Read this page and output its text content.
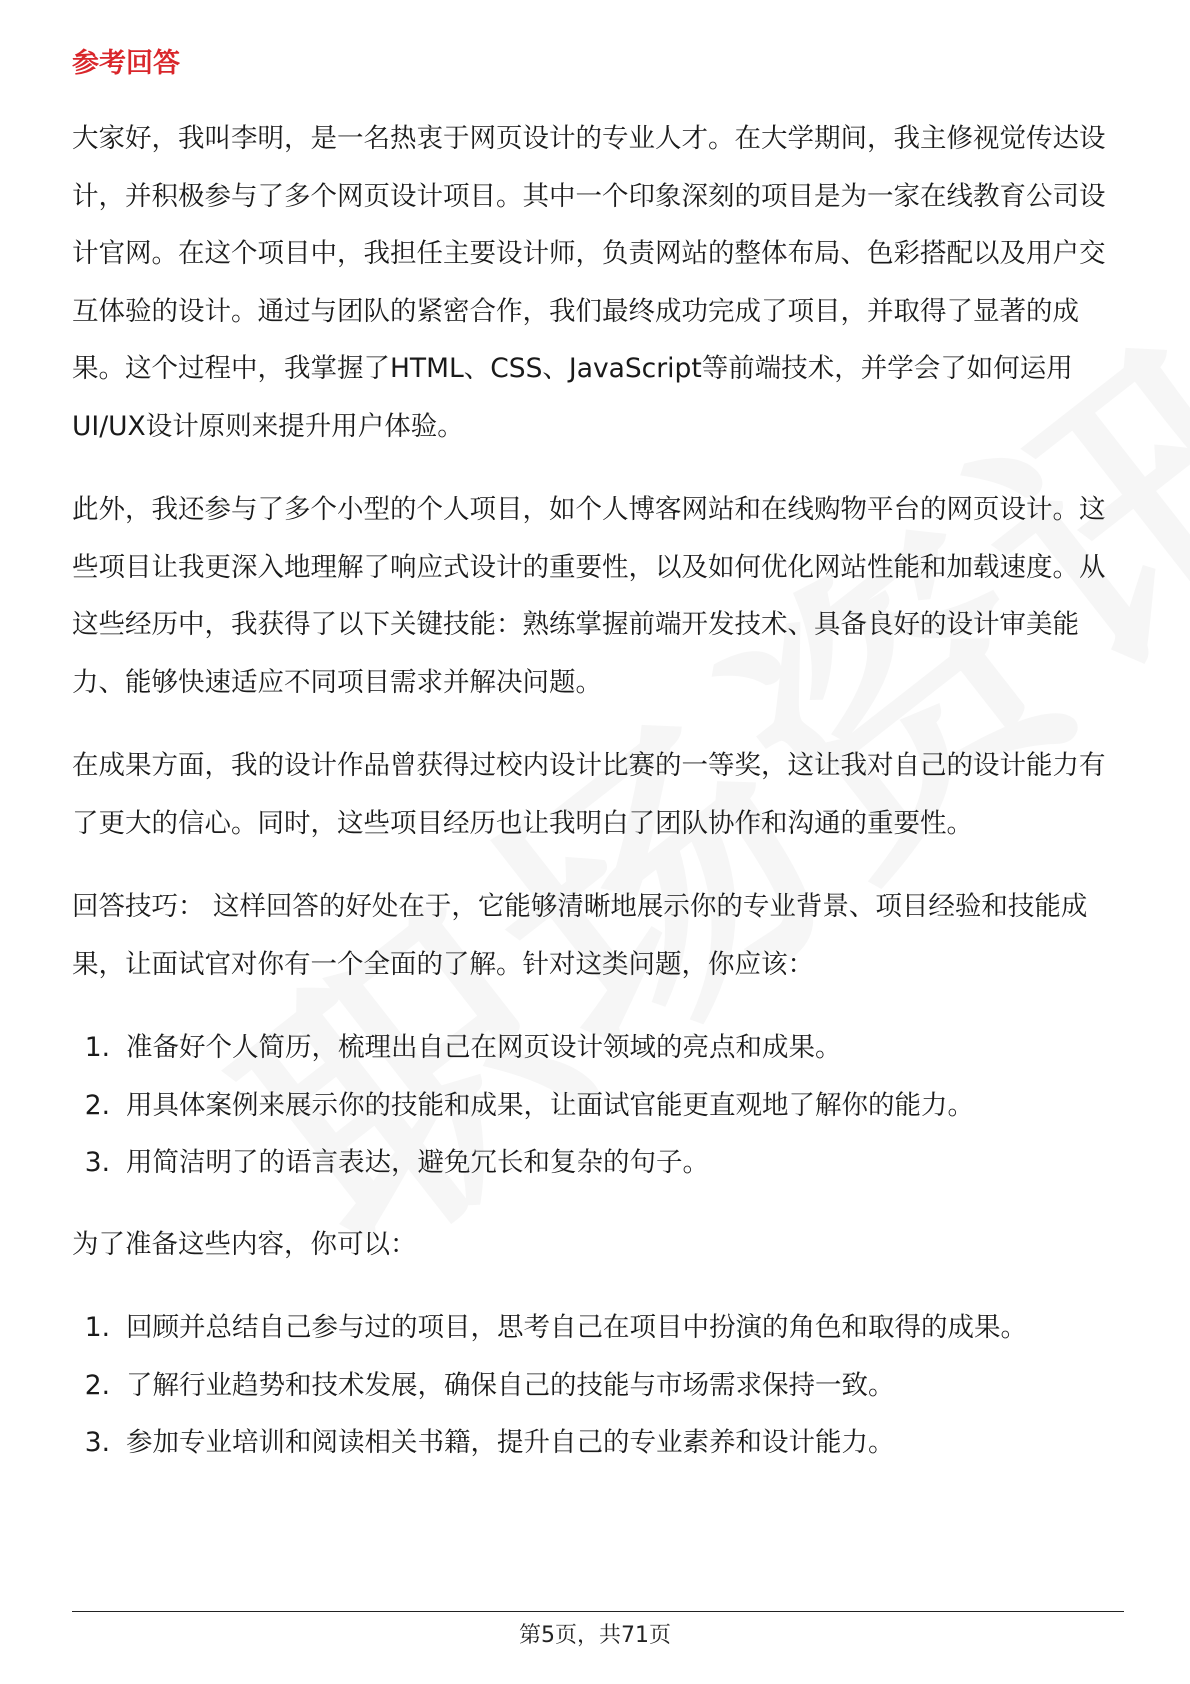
参考回答

大家好，我叫李明，是一名热衷于网页设计的专业人才。在大学期间，我主修视觉传达设计，并积极参与了多个网页设计项目。其中一个印象深刻的项目是为一家在线教育公司设计官网。在这个项目中，我担任主要设计师，负责网站的整体布局、色彩搭配以及用户交互体验的设计。通过与团队的紧密合作，我们最终成功完成了项目，并取得了显著的成果。这个过程中，我掌握了HTML、CSS、JavaScript等前端技术，并学会了如何运用UI/UX设计原则来提升用户体验。

此外，我还参与了多个小型的个人项目，如个人博客网站和在线购物平台的网页设计。这些项目让我更深入地理解了响应式设计的重要性，以及如何优化网站性能和加载速度。从这些经历中，我获得了以下关键技能：熟练掌握前端开发技术、具备良好的设计审美能力、能够快速适应不同项目需求并解决问题。

在成果方面，我的设计作品曾获得过校内设计比赛的一等奖，这让我对自己的设计能力有了更大的信心。同时，这些项目经历也让我明白了团队协作和沟通的重要性。

回答技巧： 这样回答的好处在于，它能够清晰地展示你的专业背景、项目经验和技能成果，让面试官对你有一个全面的了解。针对这类问题，你应该：

1. 准备好个人简历，梳理出自己在网页设计领域的亮点和成果。
2. 用具体案例来展示你的技能和成果，让面试官能更直观地了解你的能力。
3. 用简洁明了的语言表达，避免冗长和复杂的句子。

为了准备这些内容，你可以：

1. 回顾并总结自己参与过的项目，思考自己在项目中扮演的角色和取得的成果。
2. 了解行业趋势和技术发展，确保自己的技能与市场需求保持一致。
3. 参加专业培训和阅读相关书籍，提升自己的专业素养和设计能力。
第5页，共71页
